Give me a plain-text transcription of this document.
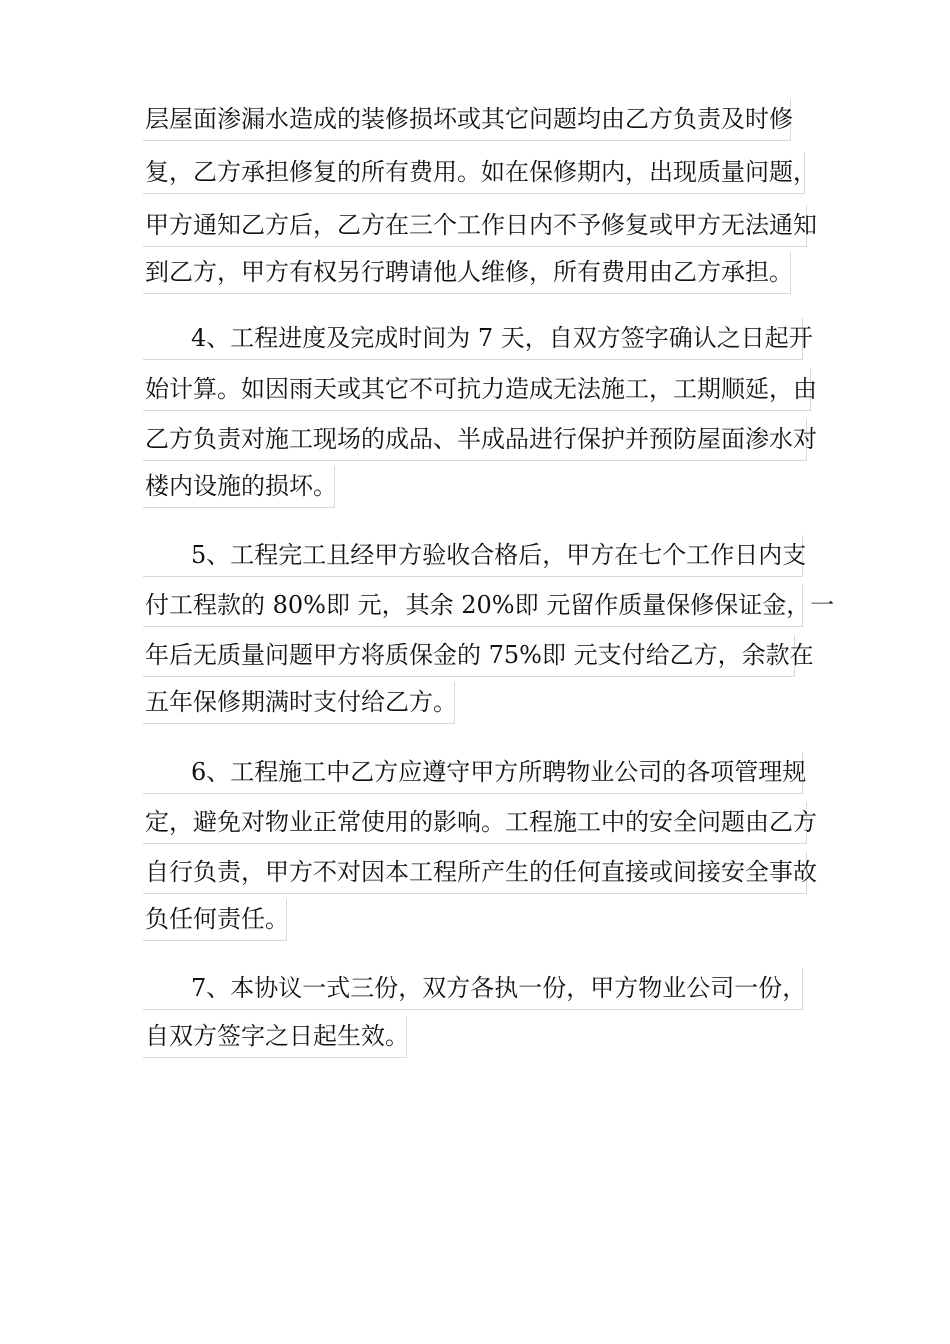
层屋面渗漏水造成的装修损坏或其它问题均由乙方负责及时修
复，乙方承担修复的所有费用。如在保修期内，出现质量问题，
甲方通知乙方后，乙方在三个工作日内不予修复或甲方无法通知
到乙方，甲方有权另行聘请他人维修，所有费用由乙方承担。
4、工程进度及完成时间为 7 天，自双方签字确认之日起开
始计算。如因雨天或其它不可抗力造成无法施工，工期顺延，由
乙方负责对施工现场的成品、半成品进行保护并预防屋面渗水对
楼内设施的损坏。
5、工程完工且经甲方验收合格后，甲方在七个工作日内支
付工程款的 80%即 元，其余 20%即 元留作质量保修保证金，一
年后无质量问题甲方将质保金的 75%即 元支付给乙方，余款在
五年保修期满时支付给乙方。
6、工程施工中乙方应遵守甲方所聘物业公司的各项管理规
定，避免对物业正常使用的影响。工程施工中的安全问题由乙方
自行负责，甲方不对因本工程所产生的任何直接或间接安全事故
负任何责任。
7、本协议一式三份，双方各执一份，甲方物业公司一份，
自双方签字之日起生效。
